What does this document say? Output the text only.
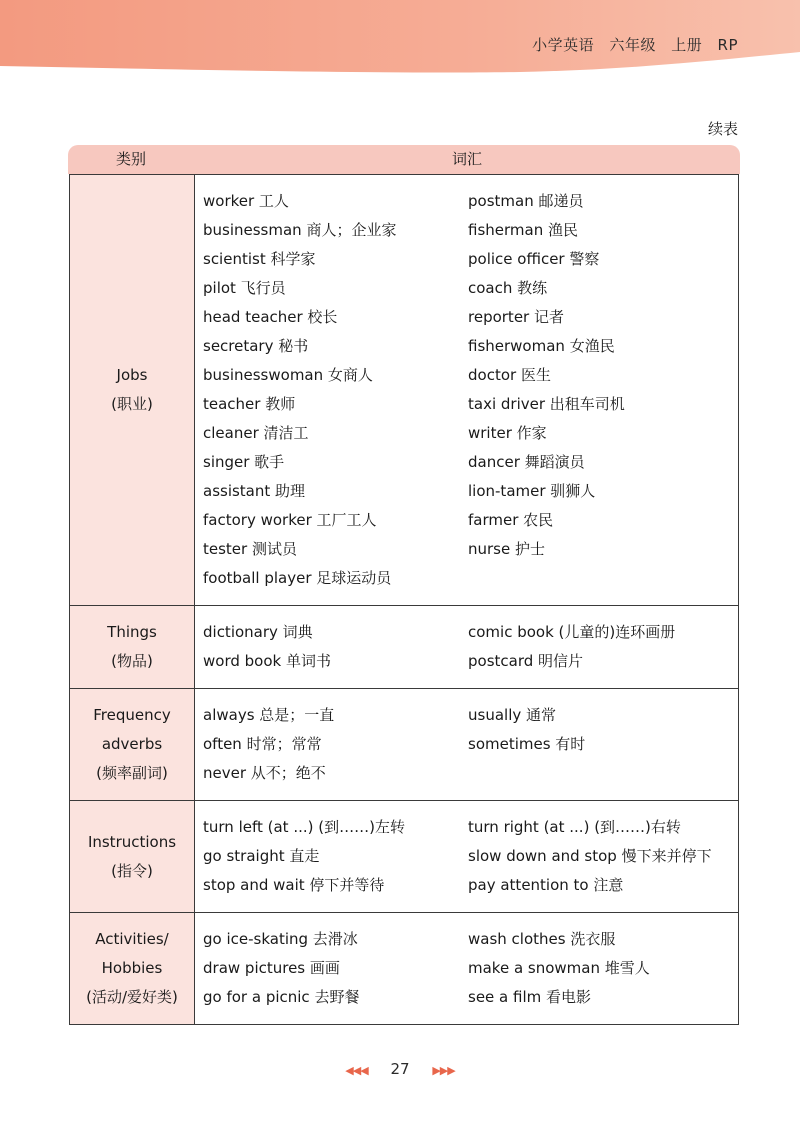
小学英语 六年级 上册 RP
续表
类别	词汇
Jobs
(职业)
worker 工人
businessman 商人；企业家
scientist 科学家
pilot 飞行员
head teacher 校长
secretary 秘书
businesswoman 女商人
teacher 教师
cleaner 清洁工
singer 歌手
assistant 助理
factory worker 工厂工人
tester 测试员
football player 足球运动员
postman 邮递员
fisherman 渔民
police officer 警察
coach 教练
reporter 记者
fisherwoman 女渔民
doctor 医生
taxi driver 出租车司机
writer 作家
dancer 舞蹈演员
lion-tamer 驯狮人
farmer 农民
nurse 护士
Things
(物品)
dictionary 词典
word book 单词书
comic book (儿童的)连环画册
postcard 明信片
Frequency
adverbs
(频率副词)
always 总是；一直
often 时常；常常
never 从不；绝不
usually 通常
sometimes 有时
Instructions
(指令)
turn left (at ...) (到……)左转
go straight 直走
stop and wait 停下并等待
turn right (at ...) (到……)右转
slow down and stop 慢下来并停下
pay attention to 注意
Activities/
Hobbies
(活动/爱好类)
go ice-skating 去滑冰
draw pictures 画画
go for a picnic 去野餐
wash clothes 洗衣服
make a snowman 堆雪人
see a film 看电影
◀◀◀ 27 ▶▶▶
